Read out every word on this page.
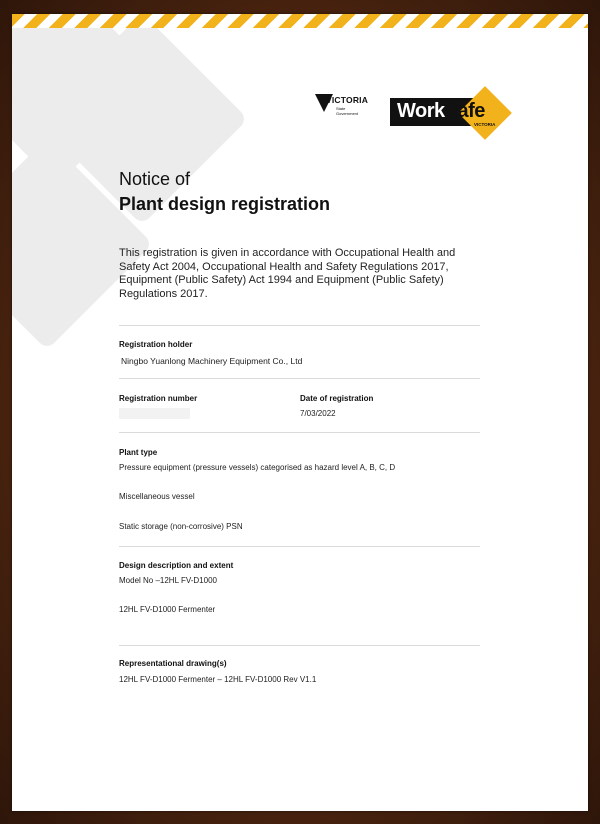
VICTORIA
State
Government WorkSafe
VICTORIA
Notice of
Plant design registration
This registration is given in accordance with Occupational Health and Safety Act 2004, Occupational Health and Safety Regulations 2017, Equipment (Public Safety) Act 1994 and Equipment (Public Safety) Regulations 2017.
Registration holder
Ningbo Yuanlong Machinery Equipment Co., Ltd
Registration number	Date of registration
7/03/2022
Plant type
Pressure equipment (pressure vessels) categorised as hazard level A, B, C, D
Miscellaneous vessel
Static storage (non-corrosive) PSN
Design description and extent
Model No –12HL FV-D1000
12HL FV-D1000 Fermenter
Representational drawing(s)
12HL FV-D1000 Fermenter – 12HL FV-D1000 Rev V1.1
